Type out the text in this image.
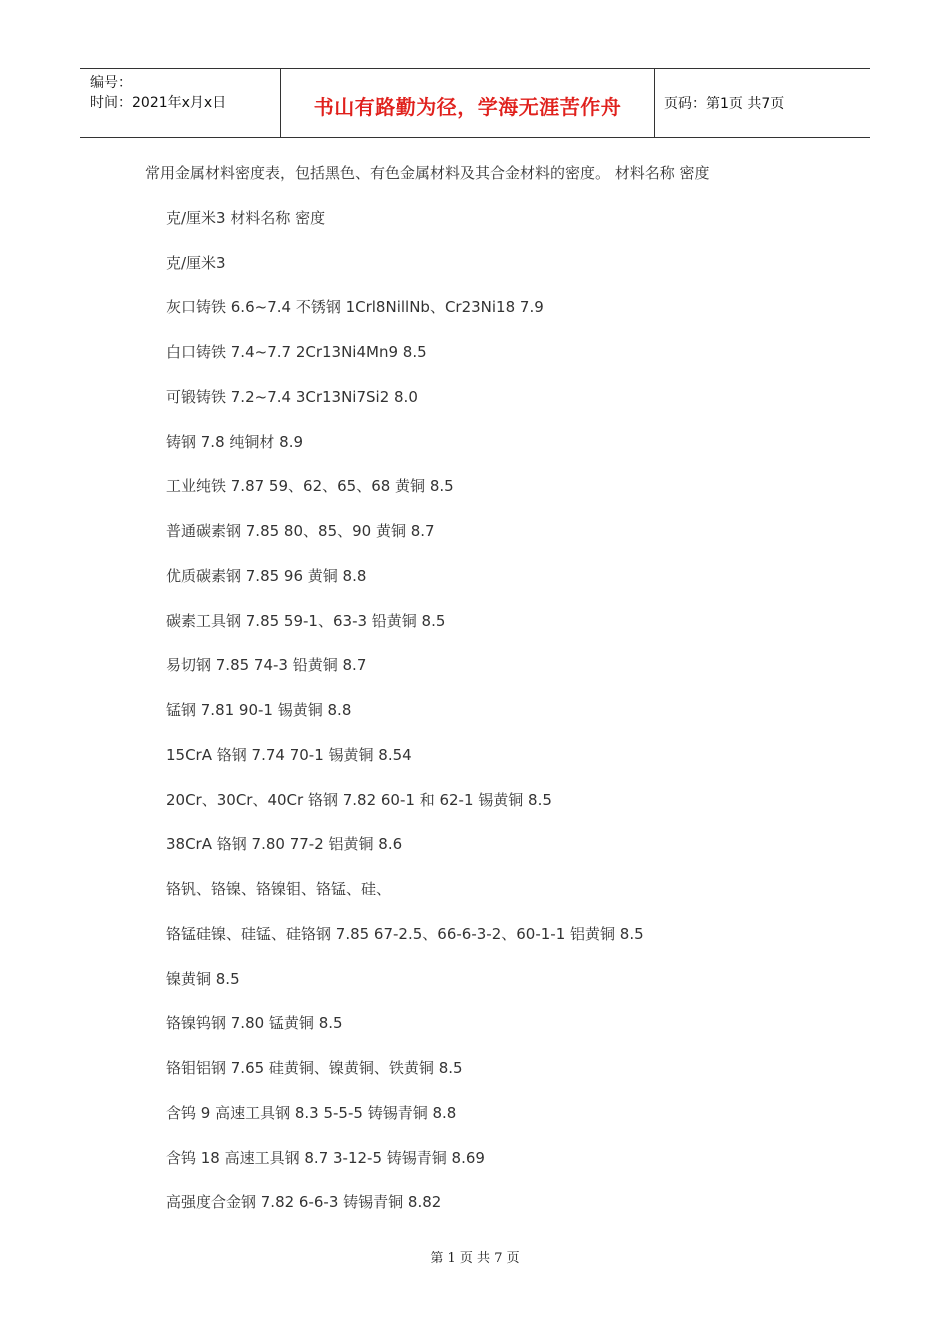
编号：
时间：2021年x月x日	书山有路勤为径，学海无涯苦作舟	页码：第1页 共7页
常用金属材料密度表，包括黑色、有色金属材料及其合金材料的密度。 材料名称 密度
克/厘米3 材料名称 密度
克/厘米3
灰口铸铁 6.6~7.4 不锈钢 1Crl8NillNb、Cr23Ni18 7.9
白口铸铁 7.4~7.7 2Cr13Ni4Mn9 8.5
可锻铸铁 7.2~7.4 3Cr13Ni7Si2 8.0
铸钢 7.8 纯铜材 8.9
工业纯铁 7.87 59、62、65、68 黄铜 8.5
普通碳素钢 7.85 80、85、90 黄铜 8.7
优质碳素钢 7.85 96 黄铜 8.8
碳素工具钢 7.85 59-1、63-3 铅黄铜 8.5
易切钢 7.85 74-3 铅黄铜 8.7
锰钢 7.81 90-1 锡黄铜 8.8
15CrA 铬钢 7.74 70-1 锡黄铜 8.54
20Cr、30Cr、40Cr 铬钢 7.82 60-1 和 62-1 锡黄铜 8.5
38CrA 铬钢 7.80 77-2 铝黄铜 8.6
铬钒、铬镍、铬镍钼、铬锰、硅、
铬锰硅镍、硅锰、硅铬钢 7.85 67-2.5、66-6-3-2、60-1-1 铝黄铜 8.5
镍黄铜 8.5
铬镍钨钢 7.80 锰黄铜 8.5
铬钼铝钢 7.65 硅黄铜、镍黄铜、铁黄铜 8.5
含钨 9 高速工具钢 8.3 5-5-5 铸锡青铜 8.8
含钨 18 高速工具钢 8.7 3-12-5 铸锡青铜 8.69
高强度合金钢 7.82 6-6-3 铸锡青铜 8.82
第 1 页 共 7 页
